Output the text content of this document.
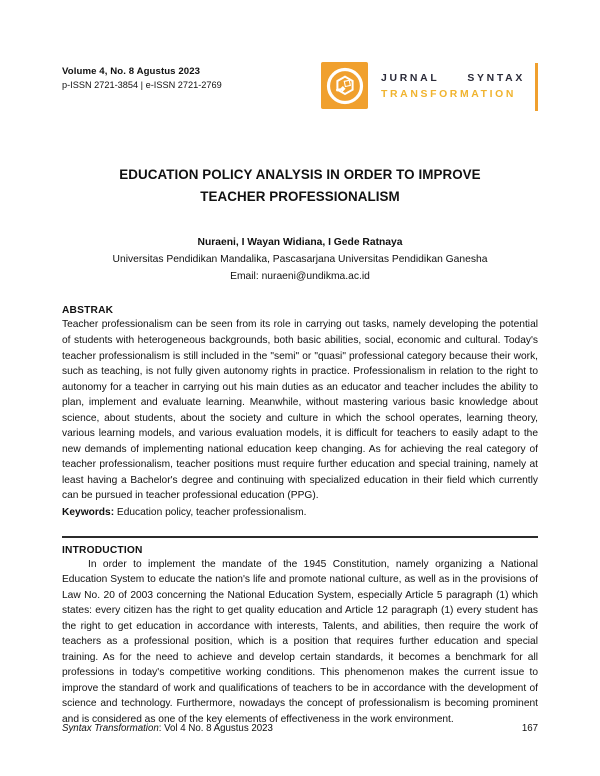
Volume 4, No. 8 Agustus 2023
p-ISSN 2721-3854 | e-ISSN 2721-2769
JURNAL	SYNTAX
TRANSFORMATION
EDUCATION POLICY ANALYSIS IN ORDER TO IMPROVE
TEACHER PROFESSIONALISM
Nuraeni, I Wayan Widiana, I Gede Ratnaya
Universitas Pendidikan Mandalika, Pascasarjana Universitas Pendidikan Ganesha
Email: nuraeni@undikma.ac.id
ABSTRAK
Teacher professionalism can be seen from its role in carrying out tasks, namely developing the potential of students with heterogeneous backgrounds, both basic abilities, social, economic and cultural. Today's teacher professionalism is still included in the "semi" or "quasi" professional category because their work, such as teaching, is not fully given autonomy rights in practice. Professionalism in relation to the right to autonomy for a teacher in carrying out his main duties as an educator and teacher includes the ability to plan, implement and evaluate learning. Meanwhile, without mastering various basic knowledge about science, about students, about the society and culture in which the school operates, learning theory, various learning models, and various evaluation models, it is difficult for teachers to easily adapt to the new demands of implementing national education keep changing. As for achieving the real category of teacher professionalism, teacher positions must require further education and special training, namely at least having a Bachelor's degree and continuing with specialized education in their field which currently can be pursued in teacher professional education (PPG).
Keywords: Education policy, teacher professionalism.
INTRODUCTION
In order to implement the mandate of the 1945 Constitution, namely organizing a National Education System to educate the nation's life and promote national culture, as well as in the provisions of Law No. 20 of 2003 concerning the National Education System, especially Article 5 paragraph (1) which states: every citizen has the right to get quality education and Article 12 paragraph (1) every student has the right to get education in accordance with interests, Talents, and abilities, then require the work of teachers as a professional position, which is a position that requires further education and special training. As for the need to achieve and develop certain standards, it becomes a benchmark for all professions in today's competitive working conditions. This phenomenon makes the current issue to improve the standard of work and qualifications of teachers to be in accordance with the development of science and technology. Furthermore, nowadays the concept of professionalism is becoming prominent and is considered as one of the key elements of effectiveness in the work environment.
Syntax Transformation: Vol 4 No. 8 Agustus 2023	167
